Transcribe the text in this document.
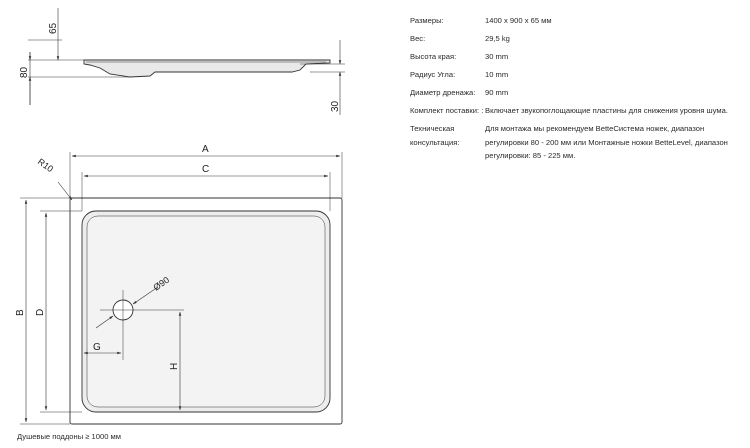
65
80
30
A
C
R10
B D
Ø90
G
H
Размеры:	1400 x 900 x 65 мм
Вес:	29,5 kg
Высота края:	30 mm
Радиус Угла:	10 mm
Диаметр дренажа:	90 mm
Комплект поставки: : Включает звукопоглощающие пластины для снижения уровня шума.
Техническая консультация:
Для монтажа мы рекомендуем BetteСистема ножек, диапазон регулировки 80 - 200 мм или Монтажные ножки BetteLevel, диапазон регулировки: 85 - 225 мм.
Душевые поддоны ≥ 1000 мм
